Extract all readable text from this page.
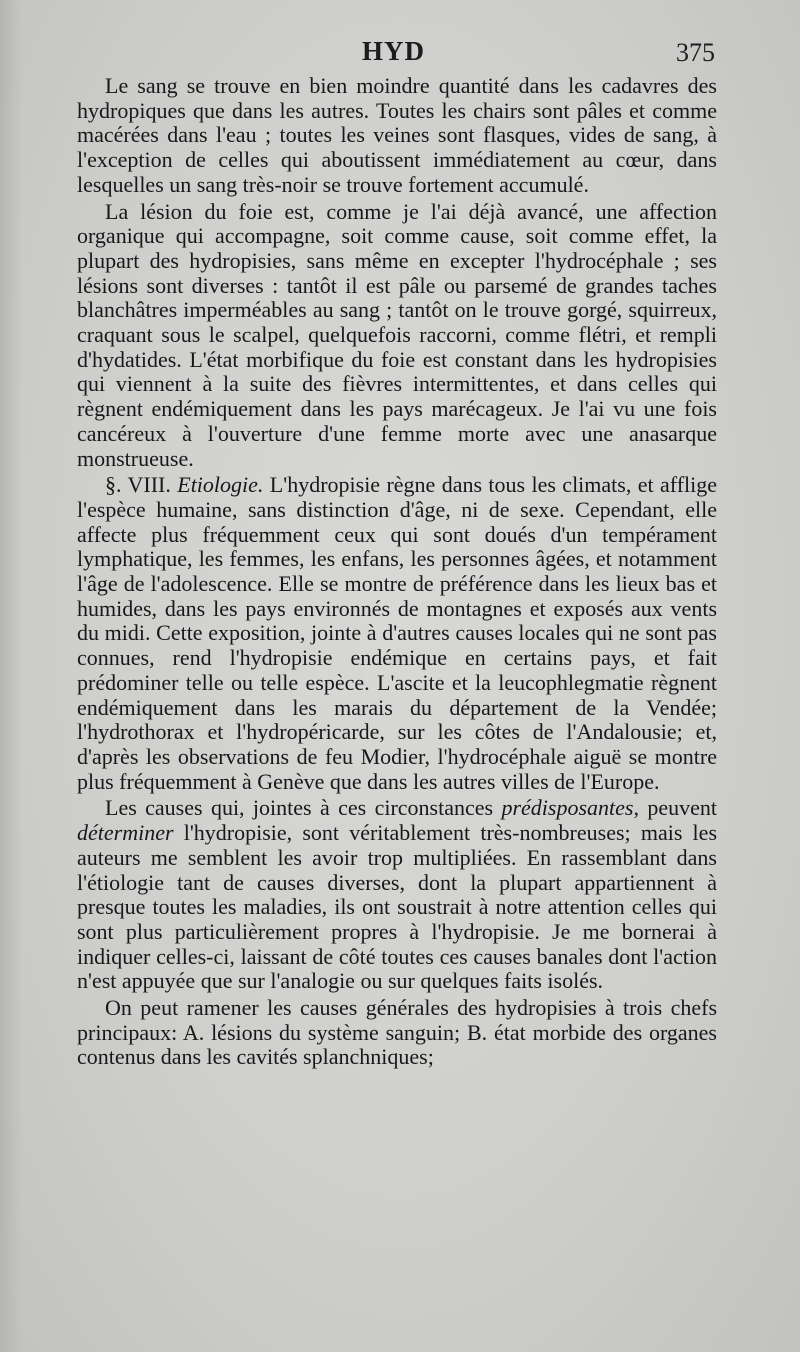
HYD	375

Le sang se trouve en bien moindre quantité dans les cadavres des hydropiques que dans les autres. Toutes les chairs sont pâles et comme macérées dans l'eau ; toutes les veines sont flasques, vides de sang, à l'exception de celles qui aboutissent immédiatement au cœur, dans lesquelles un sang très-noir se trouve fortement accumulé.

La lésion du foie est, comme je l'ai déjà avancé, une affection organique qui accompagne, soit comme cause, soit comme effet, la plupart des hydropisies, sans même en excepter l'hydrocéphale ; ses lésions sont diverses : tantôt il est pâle ou parsemé de grandes taches blanchâtres imperméables au sang ; tantôt on le trouve gorgé, squirreux, craquant sous le scalpel, quelquefois raccorni, comme flétri, et rempli d'hydatides. L'état morbifique du foie est constant dans les hydropisies qui viennent à la suite des fièvres intermittentes, et dans celles qui règnent endémiquement dans les pays marécageux. Je l'ai vu une fois cancéreux à l'ouverture d'une femme morte avec une anasarque monstrueuse.

§. VIII. Etiologie. L'hydropisie règne dans tous les climats, et afflige l'espèce humaine, sans distinction d'âge, ni de sexe. Cependant, elle affecte plus fréquemment ceux qui sont doués d'un tempérament lymphatique, les femmes, les enfans, les personnes âgées, et notamment l'âge de l'adolescence. Elle se montre de préférence dans les lieux bas et humides, dans les pays environnés de montagnes et exposés aux vents du midi. Cette exposition, jointe à d'autres causes locales qui ne sont pas connues, rend l'hydropisie endémique en certains pays, et fait prédominer telle ou telle espèce. L'ascite et la leucophlegmatie règnent endémiquement dans les marais du département de la Vendée; l'hydrothorax et l'hydropéricarde, sur les côtes de l'Andalousie; et, d'après les observations de feu Modier, l'hydrocéphale aiguë se montre plus fréquemment à Genève que dans les autres villes de l'Europe.

Les causes qui, jointes à ces circonstances prédisposantes, peuvent déterminer l'hydropisie, sont véritablement très-nombreuses; mais les auteurs me semblent les avoir trop multipliées. En rassemblant dans l'étiologie tant de causes diverses, dont la plupart appartiennent à presque toutes les maladies, ils ont soustrait à notre attention celles qui sont plus particulièrement propres à l'hydropisie. Je me bornerai à indiquer celles-ci, laissant de côté toutes ces causes banales dont l'action n'est appuyée que sur l'analogie ou sur quelques faits isolés.

On peut ramener les causes générales des hydropisies à trois chefs principaux: A. lésions du système sanguin; B. état morbide des organes contenus dans les cavités splanchniques;
